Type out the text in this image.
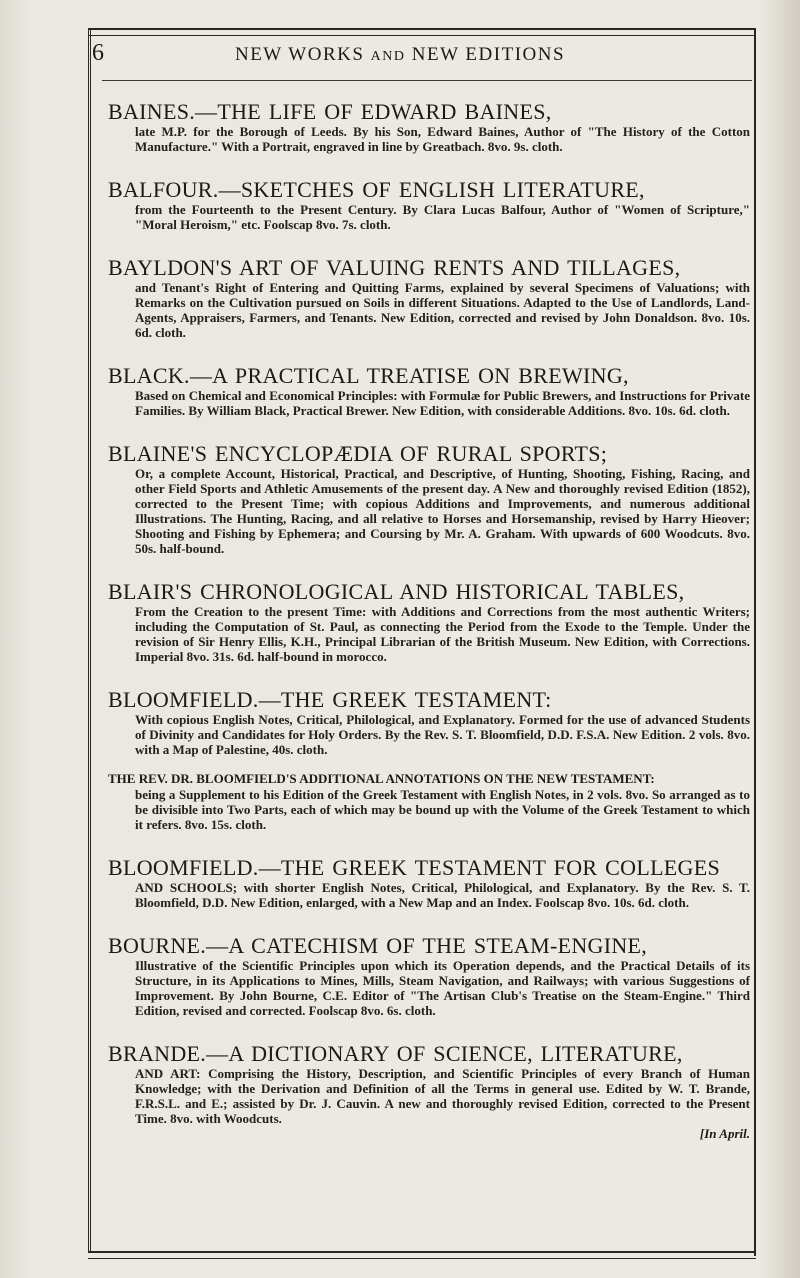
6	NEW WORKS AND NEW EDITIONS
BAINES.—THE LIFE OF EDWARD BAINES,
late M.P. for the Borough of Leeds. By his Son, Edward Baines, Author of "The History of the Cotton Manufacture." With a Portrait, engraved in line by Greatbach. 8vo. 9s. cloth.
BALFOUR.—SKETCHES OF ENGLISH LITERATURE,
from the Fourteenth to the Present Century. By Clara Lucas Balfour, Author of "Women of Scripture," "Moral Heroism," etc. Foolscap 8vo. 7s. cloth.
BAYLDON'S ART OF VALUING RENTS AND TILLAGES,
and Tenant's Right of Entering and Quitting Farms, explained by several Specimens of Valuations; with Remarks on the Cultivation pursued on Soils in different Situations. Adapted to the Use of Landlords, Land-Agents, Appraisers, Farmers, and Tenants. New Edition, corrected and revised by John Donaldson. 8vo. 10s. 6d. cloth.
BLACK.—A PRACTICAL TREATISE ON BREWING,
Based on Chemical and Economical Principles: with Formulæ for Public Brewers, and Instructions for Private Families. By William Black, Practical Brewer. New Edition, with considerable Additions. 8vo. 10s. 6d. cloth.
BLAINE'S ENCYCLOPÆDIA OF RURAL SPORTS;
Or, a complete Account, Historical, Practical, and Descriptive, of Hunting, Shooting, Fishing, Racing, and other Field Sports and Athletic Amusements of the present day. A New and thoroughly revised Edition (1852), corrected to the Present Time; with copious Additions and Improvements, and numerous additional Illustrations. The Hunting, Racing, and all relative to Horses and Horsemanship, revised by Harry Hieover; Shooting and Fishing by Ephemera; and Coursing by Mr. A. Graham. With upwards of 600 Woodcuts. 8vo. 50s. half-bound.
BLAIR'S CHRONOLOGICAL AND HISTORICAL TABLES,
From the Creation to the present Time: with Additions and Corrections from the most authentic Writers; including the Computation of St. Paul, as connecting the Period from the Exode to the Temple. Under the revision of Sir Henry Ellis, K.H., Principal Librarian of the British Museum. New Edition, with Corrections. Imperial 8vo. 31s. 6d. half-bound in morocco.
BLOOMFIELD.—THE GREEK TESTAMENT:
With copious English Notes, Critical, Philological, and Explanatory. Formed for the use of advanced Students of Divinity and Candidates for Holy Orders. By the Rev. S. T. Bloomfield, D.D. F.S.A. New Edition. 2 vols. 8vo. with a Map of Palestine, 40s. cloth.
THE REV. DR. BLOOMFIELD'S ADDITIONAL ANNOTATIONS ON THE NEW TESTAMENT:
being a Supplement to his Edition of the Greek Testament with English Notes, in 2 vols. 8vo. So arranged as to be divisible into Two Parts, each of which may be bound up with the Volume of the Greek Testament to which it refers. 8vo. 15s. cloth.
BLOOMFIELD.—THE GREEK TESTAMENT FOR COLLEGES
AND SCHOOLS; with shorter English Notes, Critical, Philological, and Explanatory. By the Rev. S. T. Bloomfield, D.D. New Edition, enlarged, with a New Map and an Index. Foolscap 8vo. 10s. 6d. cloth.
BOURNE.—A CATECHISM OF THE STEAM-ENGINE,
Illustrative of the Scientific Principles upon which its Operation depends, and the Practical Details of its Structure, in its Applications to Mines, Mills, Steam Navigation, and Railways; with various Suggestions of Improvement. By John Bourne, C.E. Editor of "The Artisan Club's Treatise on the Steam-Engine." Third Edition, revised and corrected. Foolscap 8vo. 6s. cloth.
BRANDE.—A DICTIONARY OF SCIENCE, LITERATURE,
AND ART: Comprising the History, Description, and Scientific Principles of every Branch of Human Knowledge; with the Derivation and Definition of all the Terms in general use. Edited by W. T. Brande, F.R.S.L. and E.; assisted by Dr. J. Cauvin. A new and thoroughly revised Edition, corrected to the Present Time. 8vo. with Woodcuts.
[In April.
